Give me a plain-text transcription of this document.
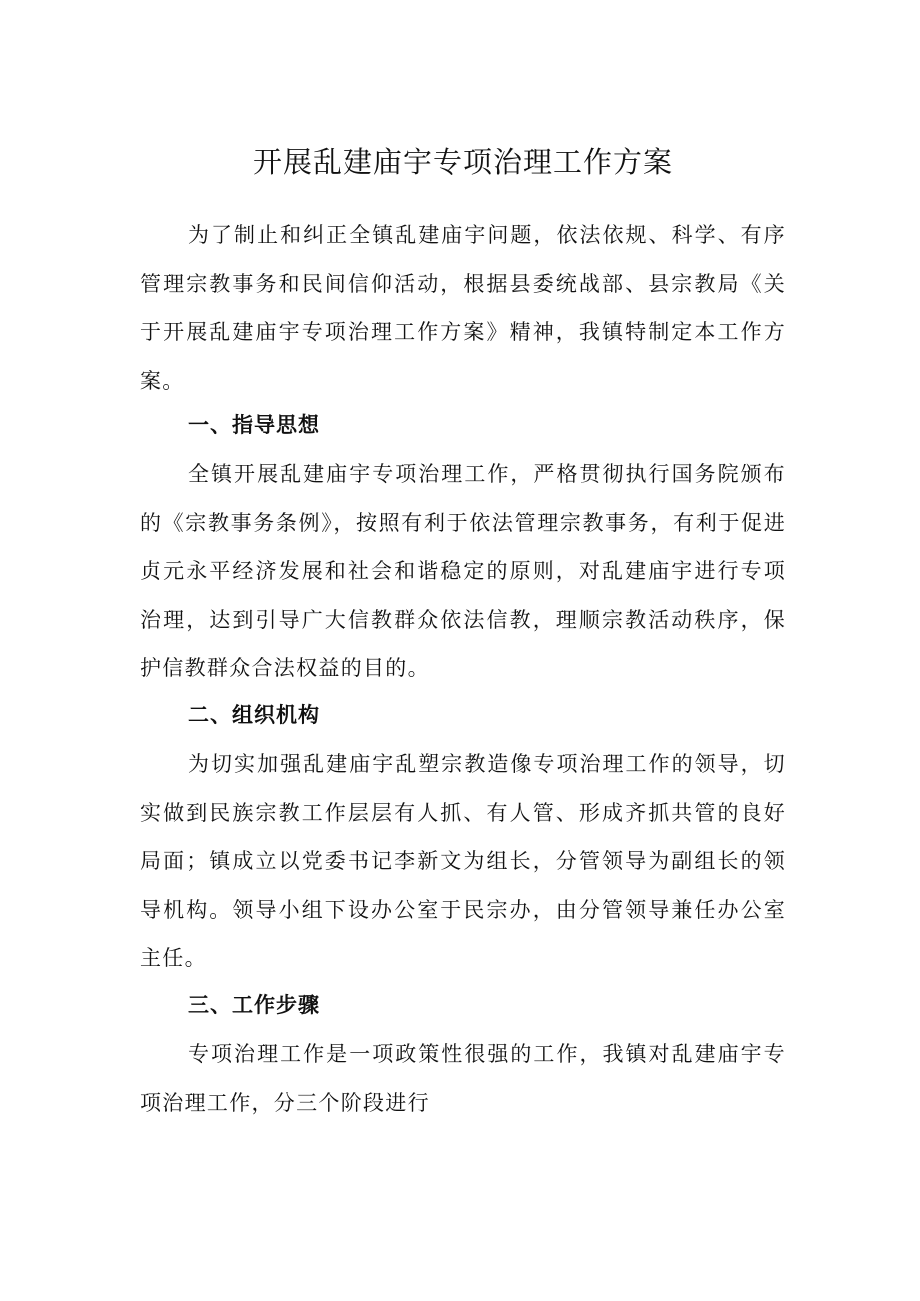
开展乱建庙宇专项治理工作方案

为了制止和纠正全镇乱建庙宇问题，依法依规、科学、有序管理宗教事务和民间信仰活动，根据县委统战部、县宗教局《关于开展乱建庙宇专项治理工作方案》精神，我镇特制定本工作方案。

一、指导思想

全镇开展乱建庙宇专项治理工作，严格贯彻执行国务院颁布的《宗教事务条例》，按照有利于依法管理宗教事务，有利于促进贞元永平经济发展和社会和谐稳定的原则，对乱建庙宇进行专项治理，达到引导广大信教群众依法信教，理顺宗教活动秩序，保护信教群众合法权益的目的。

二、组织机构

为切实加强乱建庙宇乱塑宗教造像专项治理工作的领导，切实做到民族宗教工作层层有人抓、有人管、形成齐抓共管的良好局面；镇成立以党委书记李新文为组长，分管领导为副组长的领导机构。领导小组下设办公室于民宗办，由分管领导兼任办公室主任。

三、工作步骤

专项治理工作是一项政策性很强的工作，我镇对乱建庙宇专项治理工作，分三个阶段进行
